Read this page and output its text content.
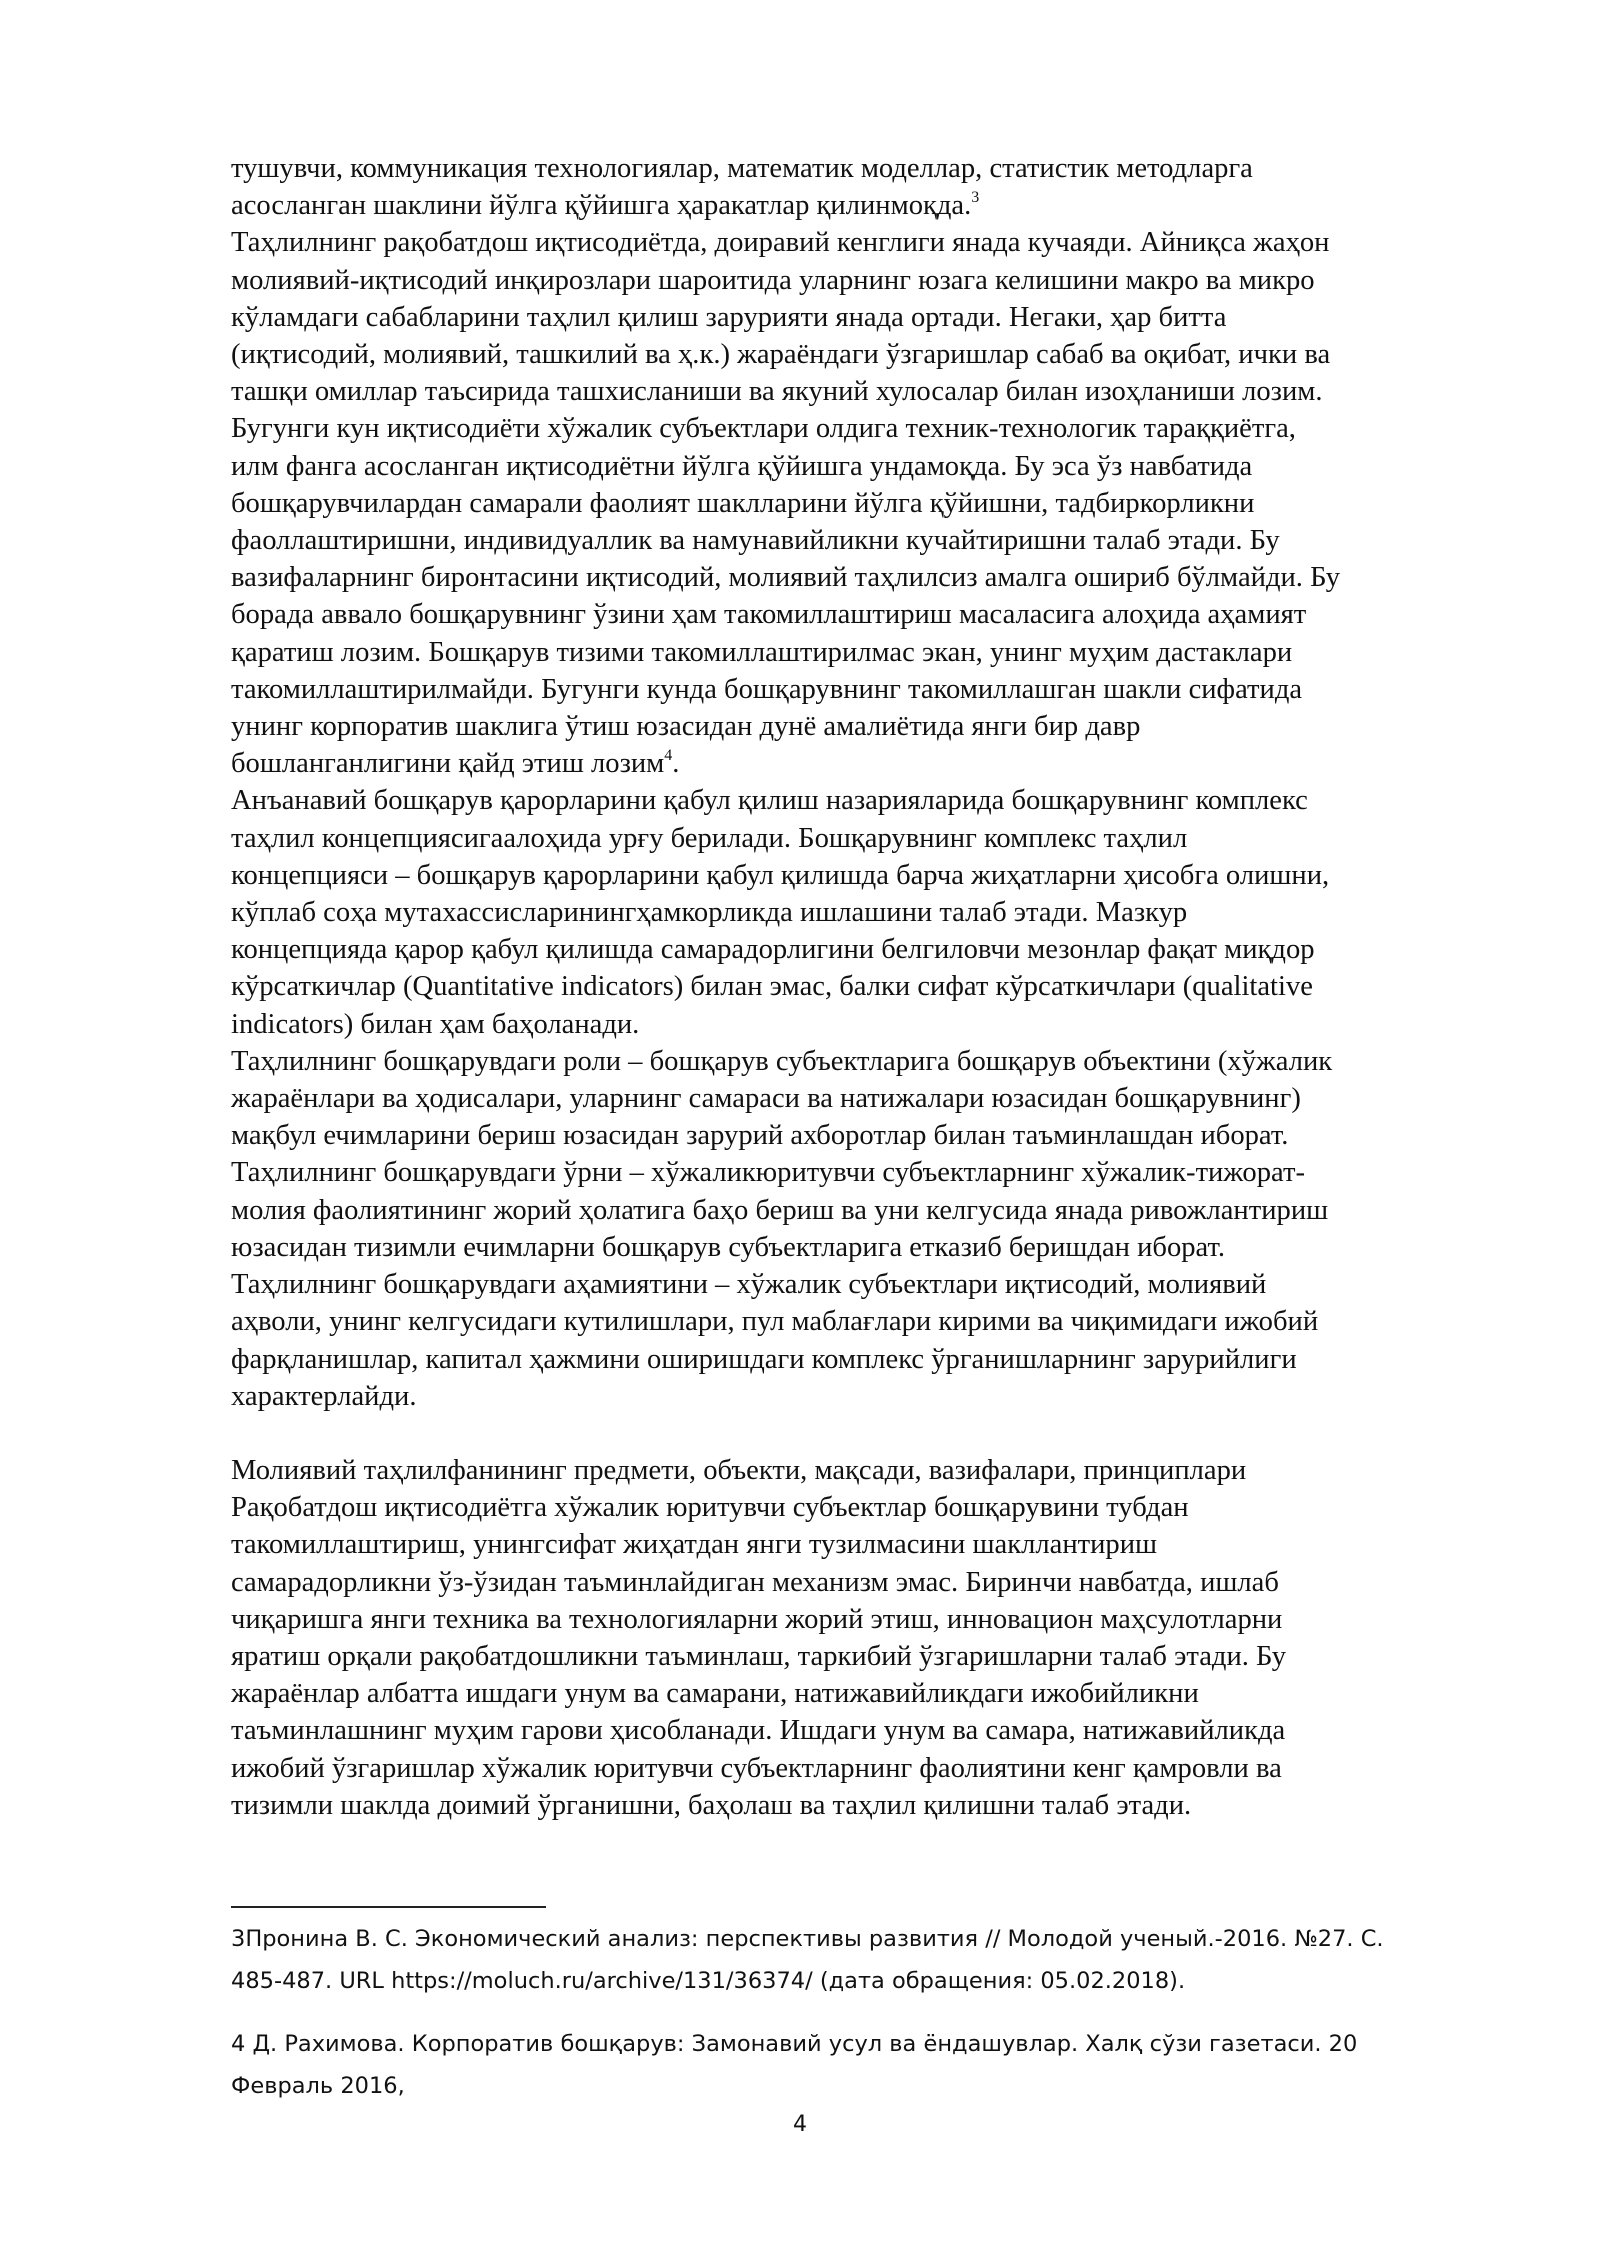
тушувчи, коммуникация технологиялар, математик моделлар, статистик методларга
асосланган шаклини йўлга қўйишга ҳаракатлар қилинмоқда.$^3$

Таҳлилнинг рақобатдош иқтисодиётда, доиравий кенглиги янада кучаяди. Айниқса жаҳон
молиявий-иқтисодий инқирозлари шароитида уларнинг юзага келишини макро ва микро
кўламдаги сабабларини таҳлил қилиш зарурияти янада ортади. Негаки, ҳар битта
(иқтисодий, молиявий, ташкилий ва ҳ.к.) жараёндаги ўзгаришлар сабаб ва оқибат, ички ва
ташқи омиллар таъсирида ташхисланиши ва якуний хулосалар билан изоҳланиши лозим.
Бугунги кун иқтисодиёти хўжалик субъектлари олдига техник-технологик тараққиётга,
илм фанга асосланган иқтисодиётни йўлга қўйишга ундамоқда. Бу эса ўз навбатида
бошқарувчилардан самарали фаолият шаклларини йўлга қўйишни, тадбиркорликни
фаоллаштиришни, индивидуаллик ва намунавийликни кучайтиришни талаб этади. Бу
вазифаларнинг биронтасини иқтисодий, молиявий таҳлилсиз амалга ошириб бўлмайди. Бу
борада аввало бошқарувнинг ўзини ҳам такомиллаштириш масаласига алоҳида аҳамият
қаратиш лозим. Бошқарув тизими такомиллаштирилмас экан, унинг муҳим дастаклари
такомиллаштирилмайди. Бугунги кунда бошқарувнинг такомиллашган шакли сифатида
унинг корпоратив шаклига ўтиш юзасидан дунё амалиётида янги бир давр
бошланганлигини қайд этиш лозим$^4$.

Анъанавий бошқарув қарорларини қабул қилиш назарияларида бошқарувнинг комплекс
таҳлил концепциясигаалоҳида урғу берилади. Бошқарувнинг комплекс таҳлил
концепцияси – бошқарув қарорларини қабул қилишда барча жиҳатларни ҳисобга олишни,
кўплаб соҳа мутахассисларинингҳамкорликда ишлашини талаб этади. Мазкур
концепцияда қарор қабул қилишда самарадорлигини белгиловчи мезонлар фақат миқдор
кўрсаткичлар (Quantitative indicators) билан эмас, балки сифат кўрсаткичлари (qualitative
indicators) билан ҳам баҳоланади.

Таҳлилнинг бошқарувдаги роли – бошқарув субъектларига бошқарув объектини (хўжалик
жараёнлари ва ҳодисалари, уларнинг самараси ва натижалари юзасидан бошқарувнинг)
мақбул ечимларини бериш юзасидан зарурий ахборотлар билан таъминлашдан иборат.

Таҳлилнинг бошқарувдаги ўрни – хўжаликюритувчи субъектларнинг хўжалик-тижорат-
молия фаолиятининг жорий ҳолатига баҳо бериш ва уни келгусида янада ривожлантириш
юзасидан тизимли ечимларни бошқарув субъектларига етказиб беришдан иборат.

Таҳлилнинг бошқарувдаги аҳамиятини – хўжалик субъектлари иқтисодий, молиявий
аҳволи, унинг келгусидаги кутилишлари, пул маблағлари кирими ва чиқимидаги ижобий
фарқланишлар, капитал ҳажмини оширишдаги комплекс ўрганишларнинг зарурийлиги
характерлайди.

Молиявий таҳлилфанининг предмети, объекти, мақсади, вазифалари, принциплари

Рақобатдош иқтисодиётга хўжалик юритувчи субъектлар бошқарувини тубдан
такомиллаштириш, унингсифат жиҳатдан янги тузилмасини шакллантириш
самарадорликни ўз-ўзидан таъминлайдиган механизм эмас. Биринчи навбатда, ишлаб
чиқаришга янги техника ва технологияларни жорий этиш, инновацион маҳсулотларни
яратиш орқали рақобатдошликни таъминлаш, таркибий ўзгаришларни талаб этади. Бу
жараёнлар албатта ишдаги унум ва самарани, натижавийликдаги ижобийликни
таъминлашнинг муҳим гарови ҳисобланади. Ишдаги унум ва самара, натижавийликда
ижобий ўзгаришлар хўжалик юритувчи субъектларнинг фаолиятини кенг қамровли ва
тизимли шаклда доимий ўрганишни, баҳолаш ва таҳлил қилишни талаб этади.

3Пронина В. С. Экономический анализ: перспективы развития // Молодой ученый.-2016. №27. С.
485-487. URL https://moluch.ru/archive/131/36374/ (дата обращения: 05.02.2018).

4 Д. Рахимова. Корпоратив бошқарув: Замонавий усул ва ёндашувлар. Халқ сўзи газетаси. 20
Февраль 2016,

4
